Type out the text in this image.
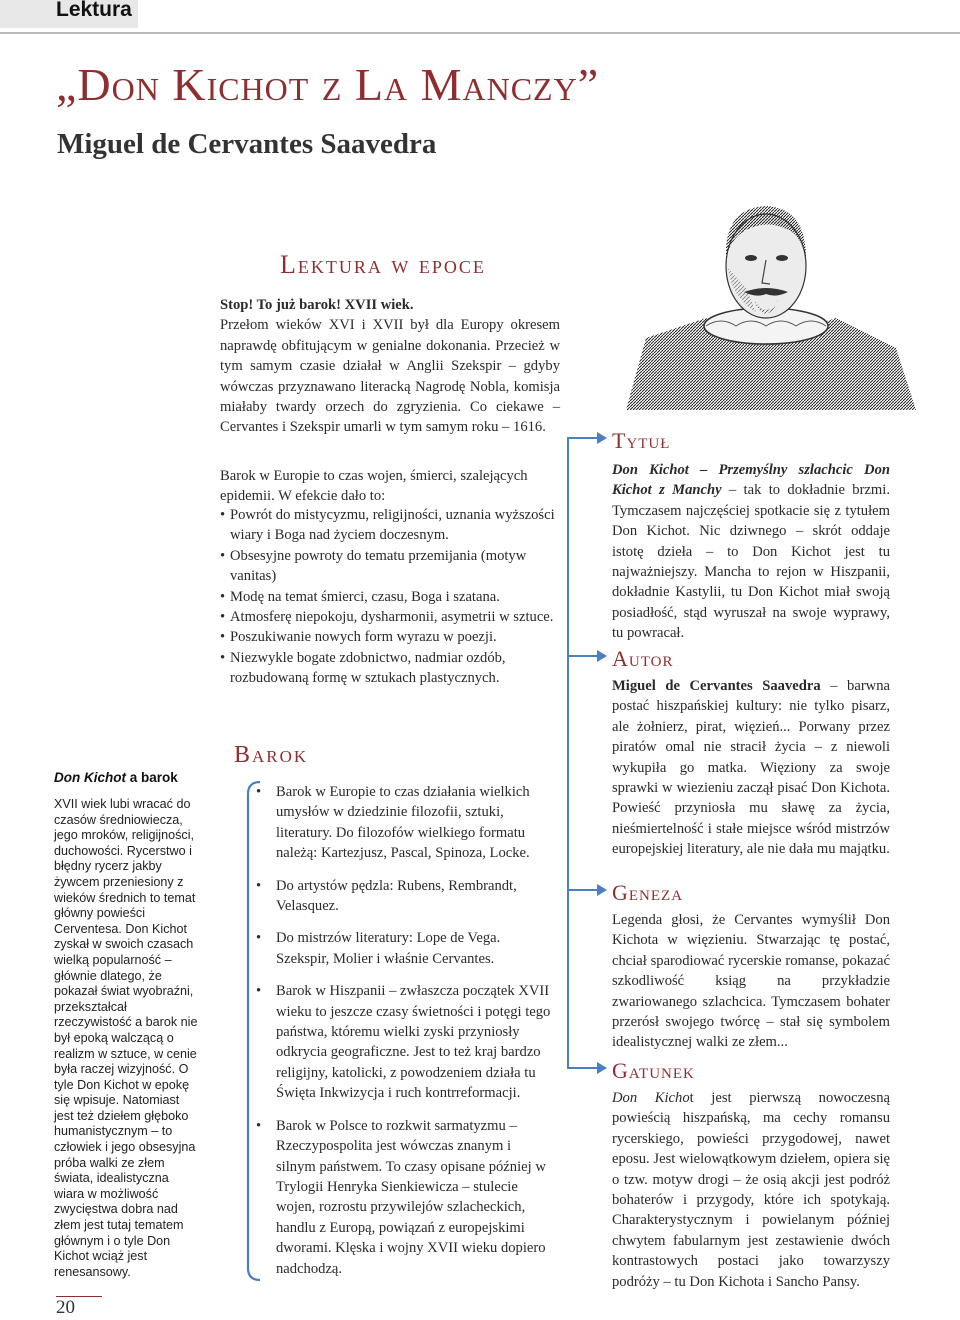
Lektura
„Don Kichot z La Manczy”
Miguel de Cervantes Saavedra
Lektura w epoce
Stop! To już barok! XVII wiek.
Przełom wieków XVI i XVII był dla Europy okresem naprawdę obfitującym w genialne dokonania. Przecież w tym samym czasie działał w Anglii Szekspir – gdyby wówczas przyznawano literacką Nagrodę Nobla, komisja miałaby twardy orzech do zgryzienia. Co ciekawe – Cervantes i Szekspir umarli w tym samym roku – 1616.
Barok w Europie to czas wojen, śmierci, szalejących epidemii. W efekcie dało to:
• Powrót do mistycyzmu, religijności, uznania wyższości wiary i Boga nad życiem doczesnym.
• Obsesyjne powroty do tematu przemijania (motyw vanitas)
• Modę na temat śmierci, czasu, Boga i szatana.
• Atmosferę niepokoju, dysharmonii, asymetrii w sztuce.
• Poszukiwanie nowych form wyrazu w poezji.
• Niezwykle bogate zdobnictwo, nadmiar ozdób, rozbudowaną formę w sztukach plastycznych.
Barok
• Barok w Europie to czas działania wielkich umysłów w dziedzinie filozofii, sztuki, literatury. Do filozofów wielkiego formatu należą: Kartezjusz, Pascal, Spinoza, Locke.
• Do artystów pędzla: Rubens, Rembrandt, Velasquez.
• Do mistrzów literatury: Lope de Vega. Szekspir, Molier i właśnie Cervantes.
• Barok w Hiszpanii – zwłaszcza początek XVII wieku to jeszcze czasy świetności i potęgi tego państwa, któremu wielki zyski przyniosły odkrycia geograficzne. Jest to też kraj bardzo religijny, katolicki, z powodzeniem działa tu Święta Inkwizycja i ruch kontrreformacji.
• Barok w Polsce to rozkwit sarmatyzmu – Rzeczypospolita jest wówczas znanym i silnym państwem. To czasy opisane później w Trylogii Henryka Sienkiewicza – stulecie wojen, rozrostu przywilejów szlacheckich, handlu z Europą, powiązań z europejskimi dworami. Klęska i wojny XVII wieku dopiero nadchodzą.
Don Kichot a barok
XVII wiek lubi wracać do czasów średniowiecza, jego mroków, religijności, duchowości. Rycerstwo i błędny rycerz jakby żywcem przeniesiony z wieków średnich to temat główny powieści Cerventesa. Don Kichot zyskał w swoich czasach wielką popularność – głównie dlatego, że pokazał świat wyobraźni, przekształcał rzeczywistość a barok nie był epoką walczącą o realizm w sztuce, w cenie była raczej wizyjność. O tyle Don Kichot w epokę się wpisuje. Natomiast jest też dziełem głęboko humanistycznym – to człowiek i jego obsesyjna próba walki ze złem świata, idealistyczna wiara w możliwość zwycięstwa dobra nad złem jest tutaj tematem głównym i o tyle Don Kichot wciąż jest renesansowy.
Tytuł
Don Kichot – Przemyślny szlachcic Don Kichot z Manchy – tak to dokładnie brzmi. Tymczasem najczęściej spotkacie się z tytułem Don Kichot. Nic dziwnego – skrót oddaje istotę dzieła – to Don Kichot jest tu najważniejszy. Mancha to rejon w Hiszpanii, dokładnie Kastylii, tu Don Kichot miał swoją posiadłość, stąd wyruszał na swoje wyprawy, tu powracał.
Autor
Miguel de Cervantes Saavedra – barwna postać hiszpańskiej kultury: nie tylko pisarz, ale żołnierz, pirat, więzień... Porwany przez piratów omal nie stracił życia – z niewoli wykupiła go matka. Więziony za swoje sprawki w wiezieniu zaczął pisać Don Kichota. Powieść przyniosła mu sławę za życia, nieśmiertelność i stałe miejsce wśród mistrzów europejskiej literatury, ale nie dała mu majątku.
Geneza
Legenda głosi, że Cervantes wymyślił Don Kichota w więzieniu. Stwarzając tę postać, chciał sparodiować rycerskie romanse, pokazać szkodliwość ksiąg na przykładzie zwariowanego szlachcica. Tymczasem bohater przerósł swojego twórcę – stał się symbolem idealistycznej walki ze złem...
Gatunek
Don Kichot jest pierwszą nowoczesną powieścią hiszpańską, ma cechy romansu rycerskiego, powieści przygodowej, nawet eposu. Jest wielowątkowym dziełem, opiera się o tzw. motyw drogi – że osią akcji jest podróż bohaterów i przygody, które ich spotykają. Charakterystycznym i powielanym później chwytem fabularnym jest zestawienie dwóch kontrastowych postaci jako towarzyszy podróży – tu Don Kichota i Sancho Pansy.
20
